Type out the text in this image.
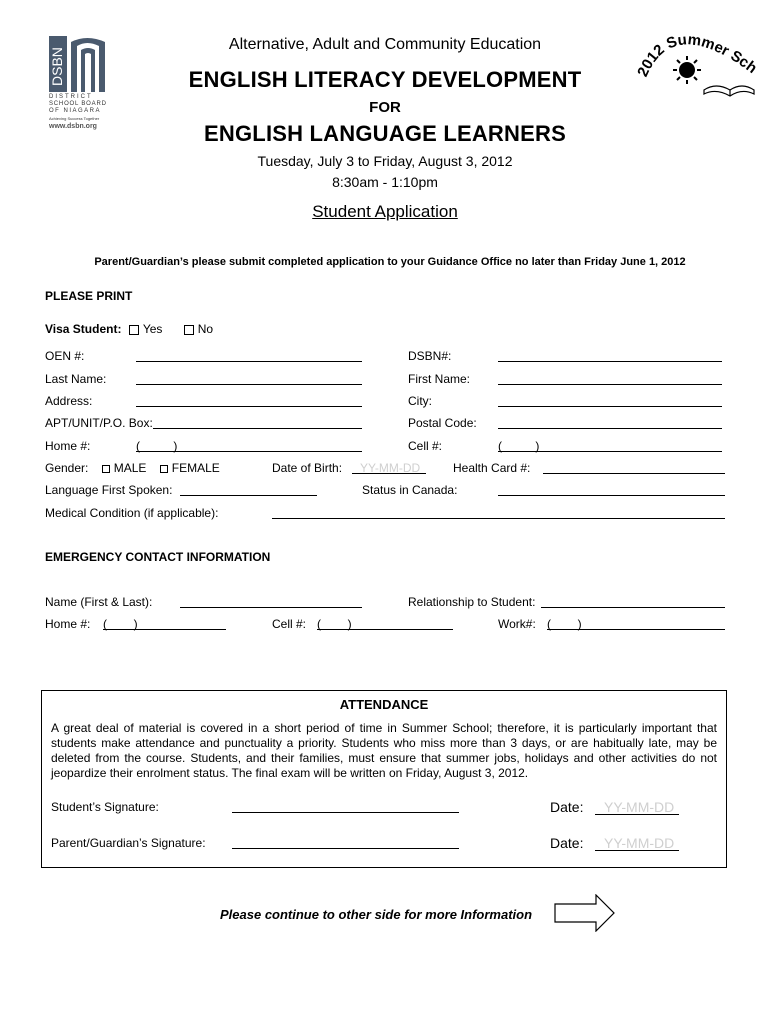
DSBN
DISTRICT
SCHOOL BOARD
OF NIAGARA
Achieving Success Together
www.dsbn.org
2012 Summer Sc
Alternative, Adult and Community Education
ENGLISH LITERACY DEVELOPMENT
FOR
ENGLISH LANGUAGE LEARNERS
Tuesday, July 3 to Friday, August 3, 2012
8:30am - 1:10pm
Student Application
Parent/Guardian’s please submit completed application to your Guidance Office no later than Friday June 1, 2012
PLEASE PRINT
Visa Student: Yes	No
OEN #:	DSBN#:
Last Name:	First Name:
Address:	City:
APT/UNIT/P.O. Box:	Postal Code:
Home #:	(          )	Cell #:	(          )
Gender: MALE FEMALE	Date of Birth: YY-MM-DD	Health Card #:
Language First Spoken:	Status in Canada:
Medical Condition (if applicable):
EMERGENCY CONTACT INFORMATION
Name (First & Last):	Relationship to Student:
Home #: (        )	Cell #: (        )	Work#: (        )
ATTENDANCE
A great deal of material is covered in a short period of time in Summer School; therefore, it is particularly important that students make attendance and punctuality a priority. Students who miss more than 3 days, or are habitually late, may be deleted from the course. Students, and their families, must ensure that summer jobs, holidays and other activities do not jeopardize their enrolment status. The final exam will be written on Friday, August 3, 2012.
Student’s Signature:	Date: YY-MM-DD
Parent/Guardian’s Signature:	Date: YY-MM-DD
Please continue to other side for more Information
